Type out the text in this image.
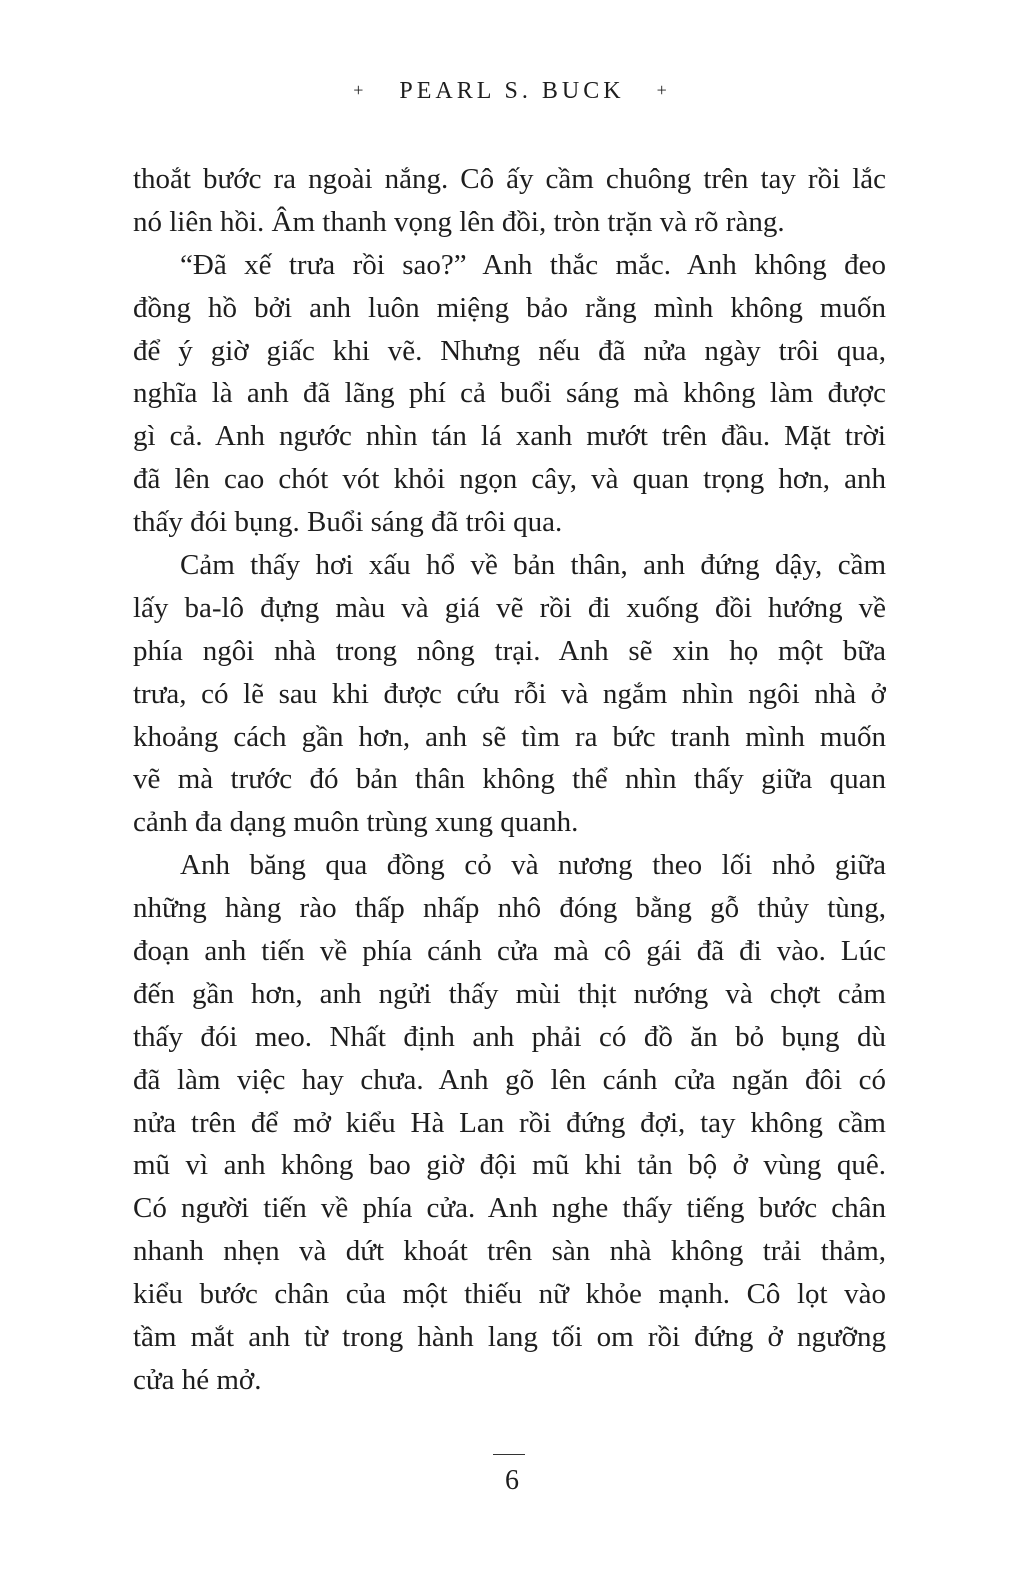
+ PEARL S. BUCK +
thoắt bước ra ngoài nắng. Cô ấy cầm chuông trên tay rồi lắc
nó liên hồi. Âm thanh vọng lên đồi, tròn trặn và rõ ràng.
“Đã xế trưa rồi sao?” Anh thắc mắc. Anh không đeo
đồng hồ bởi anh luôn miệng bảo rằng mình không muốn
để ý giờ giấc khi vẽ. Nhưng nếu đã nửa ngày trôi qua,
nghĩa là anh đã lãng phí cả buổi sáng mà không làm được
gì cả. Anh ngước nhìn tán lá xanh mướt trên đầu. Mặt trời
đã lên cao chót vót khỏi ngọn cây, và quan trọng hơn, anh
thấy đói bụng. Buổi sáng đã trôi qua.
Cảm thấy hơi xấu hổ về bản thân, anh đứng dậy, cầm
lấy ba-lô đựng màu và giá vẽ rồi đi xuống đồi hướng về
phía ngôi nhà trong nông trại. Anh sẽ xin họ một bữa
trưa, có lẽ sau khi được cứu rỗi và ngắm nhìn ngôi nhà ở
khoảng cách gần hơn, anh sẽ tìm ra bức tranh mình muốn
vẽ mà trước đó bản thân không thể nhìn thấy giữa quan
cảnh đa dạng muôn trùng xung quanh.
Anh băng qua đồng cỏ và nương theo lối nhỏ giữa
những hàng rào thấp nhấp nhô đóng bằng gỗ thủy tùng,
đoạn anh tiến về phía cánh cửa mà cô gái đã đi vào. Lúc
đến gần hơn, anh ngửi thấy mùi thịt nướng và chợt cảm
thấy đói meo. Nhất định anh phải có đồ ăn bỏ bụng dù
đã làm việc hay chưa. Anh gõ lên cánh cửa ngăn đôi có
nửa trên để mở kiểu Hà Lan rồi đứng đợi, tay không cầm
mũ vì anh không bao giờ đội mũ khi tản bộ ở vùng quê.
Có người tiến về phía cửa. Anh nghe thấy tiếng bước chân
nhanh nhẹn và dứt khoát trên sàn nhà không trải thảm,
kiểu bước chân của một thiếu nữ khỏe mạnh. Cô lọt vào
tầm mắt anh từ trong hành lang tối om rồi đứng ở ngưỡng
cửa hé mở.
6
